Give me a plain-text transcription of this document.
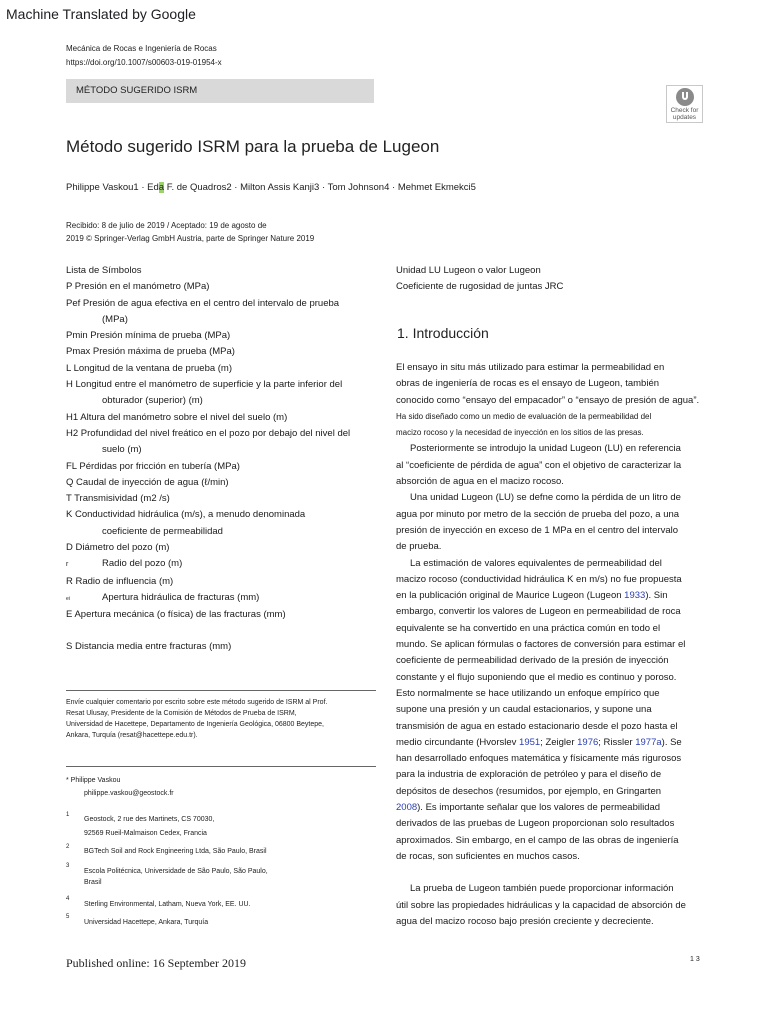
Machine Translated by Google
Mecánica de Rocas e Ingeniería de Rocas
https://doi.org/10.1007/s00603-019-01954-x
MÉTODO SUGERIDO ISRM
Check for updates
Método sugerido ISRM para la prueba de Lugeon
Philippe Vaskou1 · Eda F. de Quadros2 · Milton Assis Kanji3 · Tom Johnson4 · Mehmet Ekmekci5
Recibido: 8 de julio de 2019 / Aceptado: 19 de agosto de
2019 © Springer-Verlag GmbH Austria, parte de Springer Nature 2019
Lista de Símbolos
P Presión en el manómetro (MPa)
Pef Presión de agua efectiva en el centro del intervalo de prueba
(MPa)
Pmin Presión mínima de prueba (MPa)
Pmax Presión máxima de prueba (MPa)
L Longitud de la ventana de prueba (m)
H Longitud entre el manómetro de superficie y la parte inferior del
obturador (superior) (m)
H1 Altura del manómetro sobre el nivel del suelo (m)
H2 Profundidad del nivel freático en el pozo por debajo del nivel del
suelo (m)
FL Pérdidas por fricción en tubería (MPa)
Q Caudal de inyección de agua (ℓ/min)
T Transmisividad (m2 /s)
K Conductividad hidráulica (m/s), a menudo denominada
coeficiente de permeabilidad
D Diámetro del pozo (m)
r	Radio del pozo (m)
R Radio de influencia (m)
ei	Apertura hidráulica de fracturas (mm)
E Apertura mecánica (o física) de las fracturas (mm)
S Distancia media entre fracturas (mm)
Unidad LU Lugeon o valor Lugeon
Coeficiente de rugosidad de juntas JRC
1. Introducción
El ensayo in situ más utilizado para estimar la permeabilidad en
obras de ingeniería de rocas es el ensayo de Lugeon, también
conocido como “ensayo del empacador” o “ensayo de presión de agua”.
Ha sido diseñado como un medio de evaluación de la permeabilidad del
macizo rocoso y la necesidad de inyección en los sitios de las presas.
Posteriormente se introdujo la unidad Lugeon (LU) en referencia
al “coeficiente de pérdida de agua” con el objetivo de caracterizar la
absorción de agua en el macizo rocoso.
Una unidad Lugeon (LU) se defne como la pérdida de un litro de
agua por minuto por metro de la sección de prueba del pozo, a una
presión de inyección en exceso de 1 MPa en el centro del intervalo
de prueba.
La estimación de valores equivalentes de permeabilidad del
macizo rocoso (conductividad hidráulica K en m/s) no fue propuesta
en la publicación original de Maurice Lugeon (Lugeon 1933). Sin
embargo, convertir los valores de Lugeon en permeabilidad de roca
equivalente se ha convertido en una práctica común en todo el
mundo. Se aplican fórmulas o factores de conversión para estimar el
coeficiente de permeabilidad derivado de la presión de inyección
constante y el flujo suponiendo que el medio es continuo y poroso.
Esto normalmente se hace utilizando un enfoque empírico que
supone una presión y un caudal estacionarios, y supone una
transmisión de agua en estado estacionario desde el pozo hasta el
medio circundante (Hvorslev 1951; Zeigler 1976; Rissler 1977a). Se
han desarrollado enfoques matemática y físicamente más rigurosos
para la industria de exploración de petróleo y para el diseño de
depósitos de desechos (resumidos, por ejemplo, en Gringarten
2008). Es importante señalar que los valores de permeabilidad
derivados de las pruebas de Lugeon proporcionan solo resultados
aproximados. Sin embargo, en el campo de las obras de ingeniería
de rocas, son suficientes en muchos casos.
La prueba de Lugeon también puede proporcionar información
útil sobre las propiedades hidráulicas y la capacidad de absorción de
agua del macizo rocoso bajo presión creciente y decreciente.
Envíe cualquier comentario por escrito sobre este método sugerido de ISRM al Prof.
Resat Ulusay, Presidente de la Comisión de Métodos de Prueba de ISRM,
Universidad de Hacettepe, Departamento de Ingeniería Geológica, 06800 Beytepe,
Ankara, Turquía (resat@hacettepe.edu.tr).
* Philippe Vaskou
philippe.vaskou@geostock.fr
1
Geostock, 2 rue des Martinets, CS 70030,
92569 Rueil-Malmaison Cedex, Francia
2
BGTech Soil and Rock Engineering Ltda, São Paulo, Brasil
3
Escola Politécnica, Universidade de São Paulo, São Paulo,
Brasil
4
Sterling Environmental, Latham, Nueva York, EE. UU.
5
Universidad Hacettepe, Ankara, Turquía
Published online: 16 September 2019	13
